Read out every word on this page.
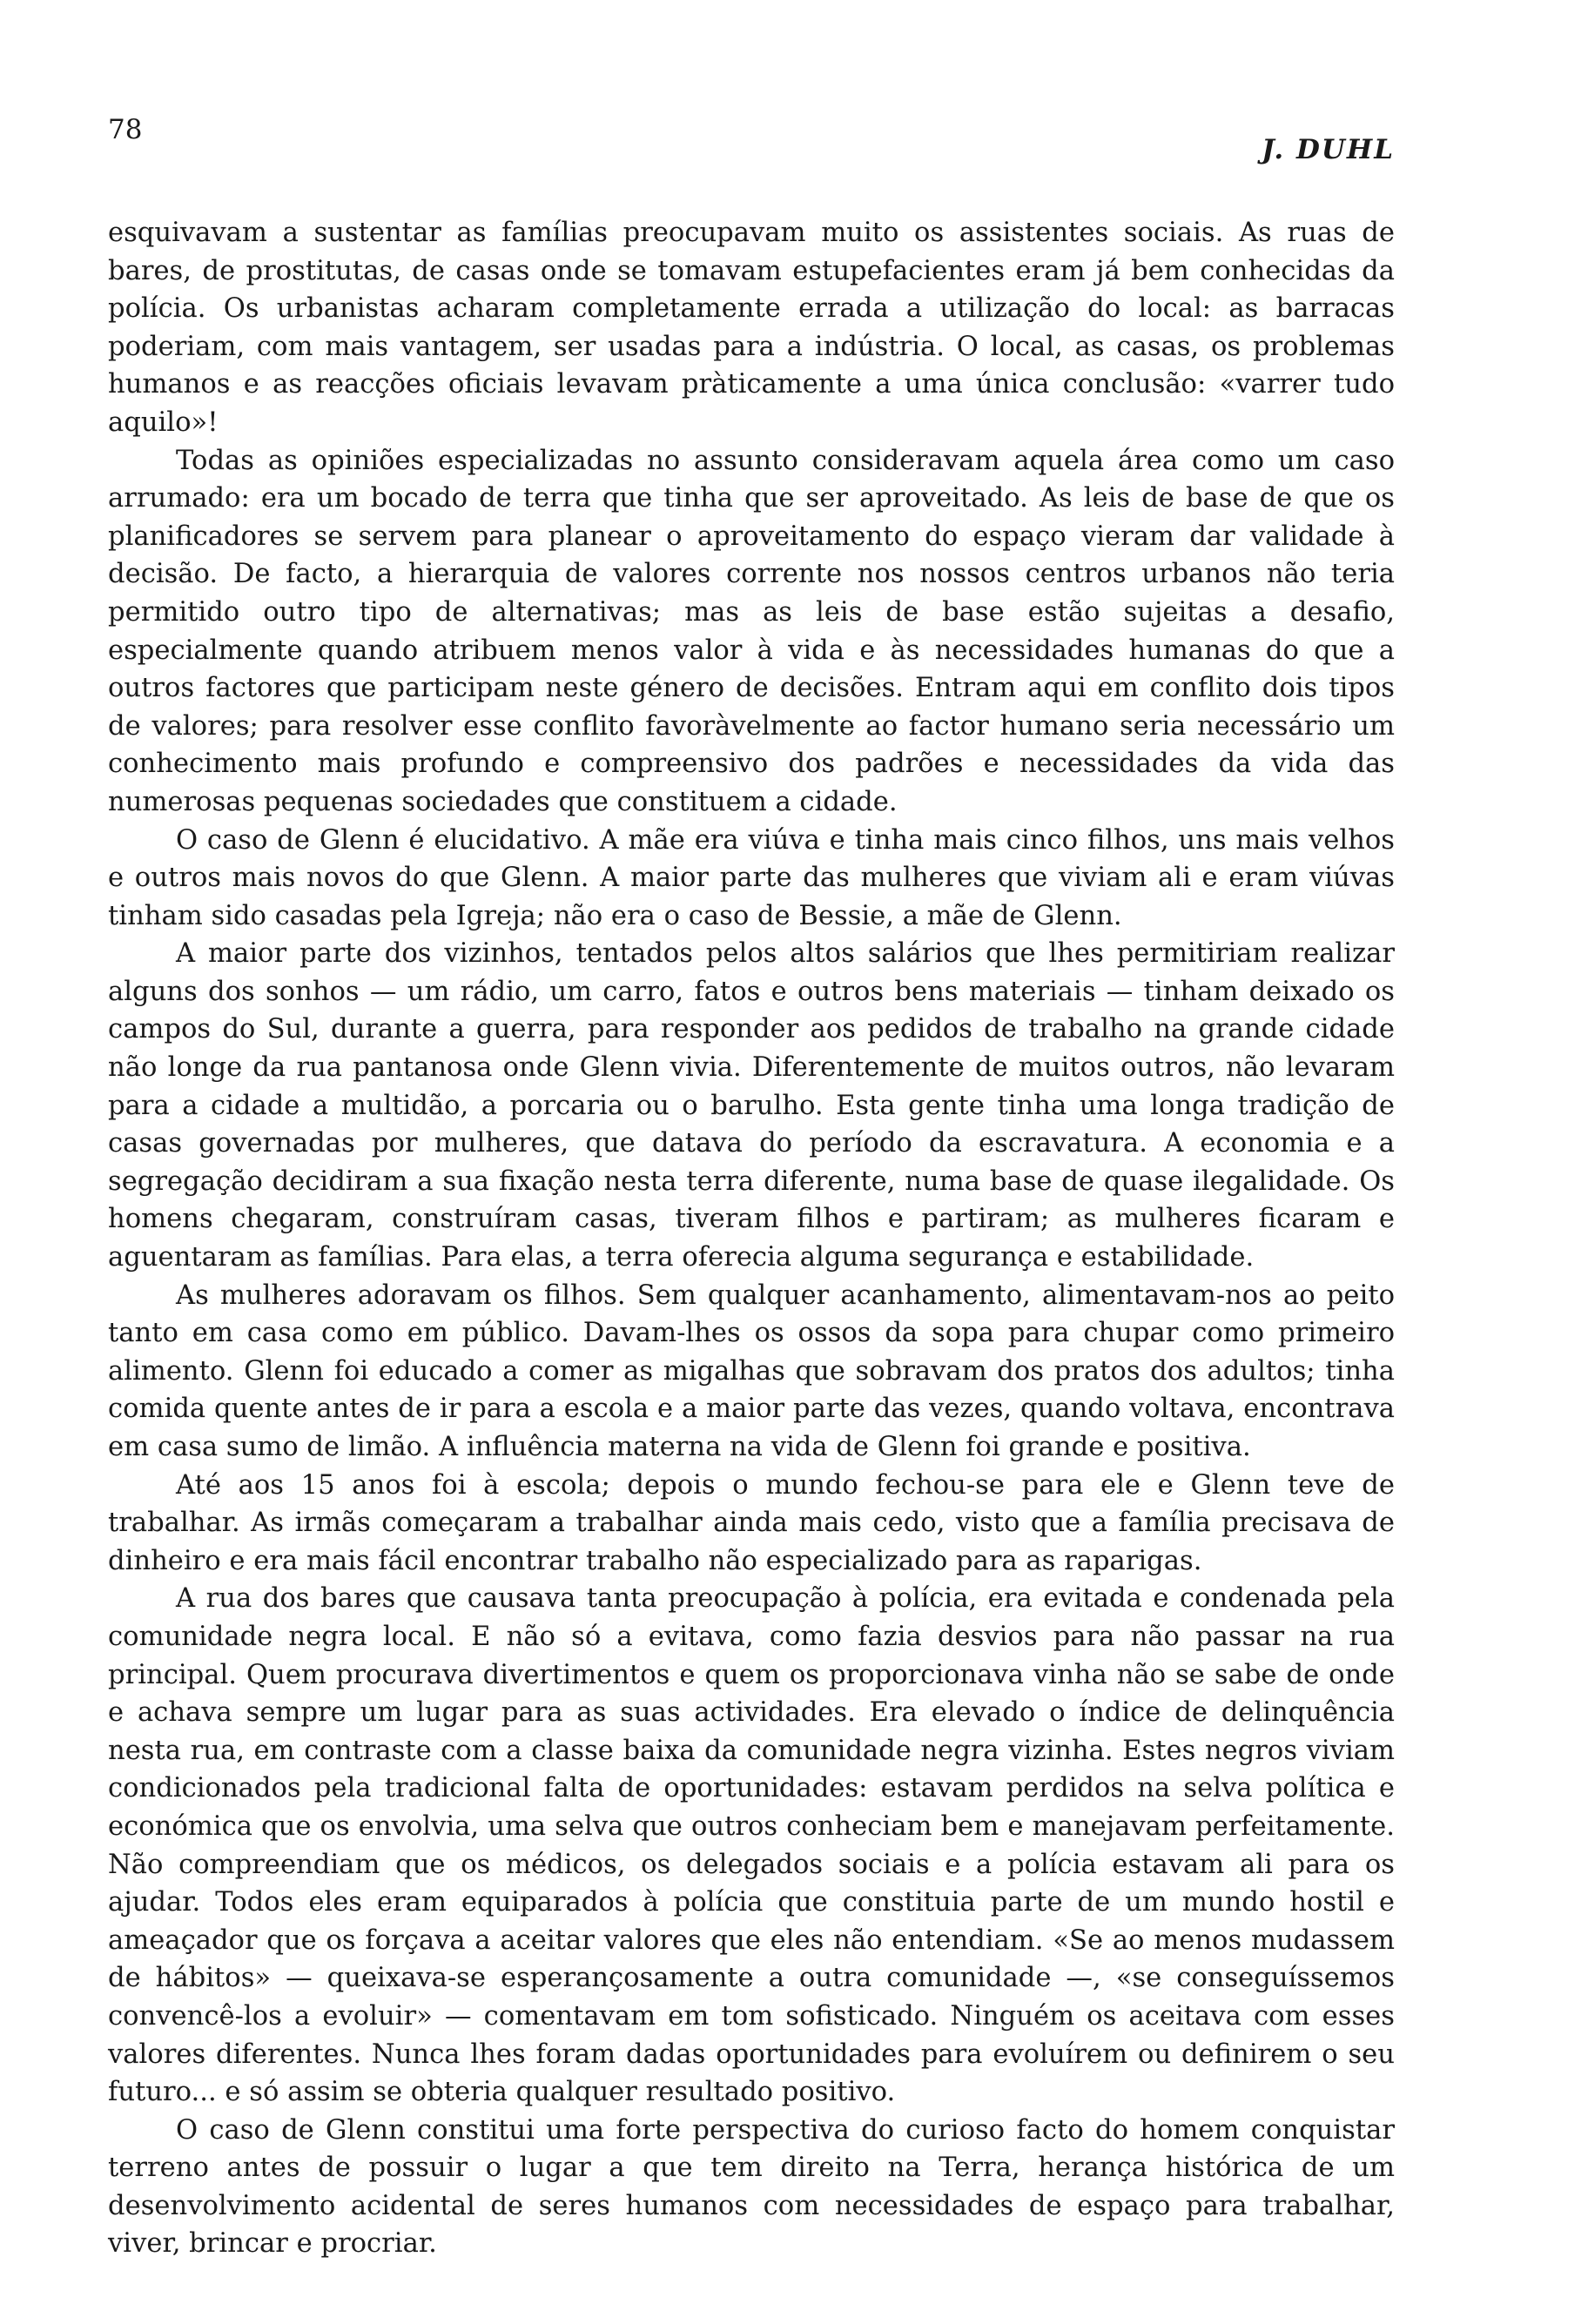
78
J. DUHL

esquivavam a sustentar as famílias preocupavam muito os assistentes sociais. As ruas de bares, de prostitutas, de casas onde se tomavam estupefacientes eram já bem conhecidas da polícia. Os urbanistas acharam completamente errada a utilização do local: as barracas poderiam, com mais vantagem, ser usadas para a indústria. O local, as casas, os problemas humanos e as reacções oficiais levavam pràticamente a uma única conclusão: «varrer tudo aquilo»!

Todas as opiniões especializadas no assunto consideravam aquela área como um caso arrumado: era um bocado de terra que tinha que ser aproveitado. As leis de base de que os planificadores se servem para planear o aproveitamento do espaço vieram dar validade à decisão. De facto, a hierarquia de valores corrente nos nossos centros urbanos não teria permitido outro tipo de alternativas; mas as leis de base estão sujeitas a desafio, especialmente quando atribuem menos valor à vida e às necessidades humanas do que a outros factores que participam neste género de decisões. Entram aqui em conflito dois tipos de valores; para resolver esse conflito favoràvelmente ao factor humano seria necessário um conhecimento mais profundo e compreensivo dos padrões e necessidades da vida das numerosas pequenas sociedades que constituem a cidade.

O caso de Glenn é elucidativo. A mãe era viúva e tinha mais cinco filhos, uns mais velhos e outros mais novos do que Glenn. A maior parte das mulheres que viviam ali e eram viúvas tinham sido casadas pela Igreja; não era o caso de Bessie, a mãe de Glenn.

A maior parte dos vizinhos, tentados pelos altos salários que lhes permitiriam realizar alguns dos sonhos — um rádio, um carro, fatos e outros bens materiais — tinham deixado os campos do Sul, durante a guerra, para responder aos pedidos de trabalho na grande cidade não longe da rua pantanosa onde Glenn vivia. Diferentemente de muitos outros, não levaram para a cidade a multidão, a porcaria ou o barulho. Esta gente tinha uma longa tradição de casas governadas por mulheres, que datava do período da escravatura. A economia e a segregação decidiram a sua fixação nesta terra diferente, numa base de quase ilegalidade. Os homens chegaram, construíram casas, tiveram filhos e partiram; as mulheres ficaram e aguentaram as famílias. Para elas, a terra oferecia alguma segurança e estabilidade.

As mulheres adoravam os filhos. Sem qualquer acanhamento, alimentavam-nos ao peito tanto em casa como em público. Davam-lhes os ossos da sopa para chupar como primeiro alimento. Glenn foi educado a comer as migalhas que sobravam dos pratos dos adultos; tinha comida quente antes de ir para a escola e a maior parte das vezes, quando voltava, encontrava em casa sumo de limão. A influência materna na vida de Glenn foi grande e positiva.

Até aos 15 anos foi à escola; depois o mundo fechou-se para ele e Glenn teve de trabalhar. As irmãs começaram a trabalhar ainda mais cedo, visto que a família precisava de dinheiro e era mais fácil encontrar trabalho não especializado para as raparigas.

A rua dos bares que causava tanta preocupação à polícia, era evitada e condenada pela comunidade negra local. E não só a evitava, como fazia desvios para não passar na rua principal. Quem procurava divertimentos e quem os proporcionava vinha não se sabe de onde e achava sempre um lugar para as suas actividades. Era elevado o índice de delinquência nesta rua, em contraste com a classe baixa da comunidade negra vizinha. Estes negros viviam condicionados pela tradicional falta de oportunidades: estavam perdidos na selva política e económica que os envolvia, uma selva que outros conheciam bem e manejavam perfeitamente. Não compreendiam que os médicos, os delegados sociais e a polícia estavam ali para os ajudar. Todos eles eram equiparados à polícia que constituia parte de um mundo hostil e ameaçador que os forçava a aceitar valores que eles não entendiam. «Se ao menos mudassem de hábitos» — queixava-se esperançosamente a outra comunidade —, «se conseguíssemos convencê-los a evoluir» — comentavam em tom sofisticado. Ninguém os aceitava com esses valores diferentes. Nunca lhes foram dadas oportunidades para evoluírem ou definirem o seu futuro... e só assim se obteria qualquer resultado positivo.

O caso de Glenn constitui uma forte perspectiva do curioso facto do homem conquistar terreno antes de possuir o lugar a que tem direito na Terra, herança histórica de um desenvolvimento acidental de seres humanos com necessidades de espaço para trabalhar, viver, brincar e procriar.
